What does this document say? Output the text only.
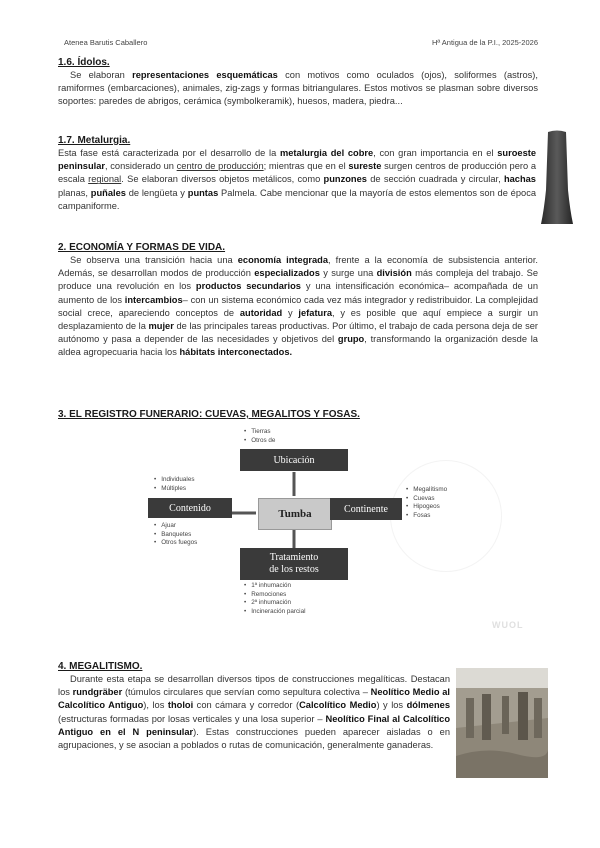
Atenea Barutis Caballero	Hª Antigua de la P.I., 2025-2026
1.6. Ídolos.

Se elaboran representaciones esquemáticas con motivos como oculados (ojos), soliformes (astros), ramiformes (embarcaciones), animales, zig-zags y formas bitriangulares. Estos motivos se plasman sobre diversos soportes: paredes de abrigos, cerámica (symbolkeramik), huesos, madera, piedra...

1.7. Metalurgia.

Esta fase está caracterizada por el desarrollo de la metalurgia del cobre, con gran importancia en el suroeste peninsular, considerado un centro de producción; mientras que en el sureste surgen centros de producción pero a escala regional. Se elaboran diversos objetos metálicos, como punzones de sección cuadrada y circular, hachas planas, puñales de lengüeta y puntas Palmela. Cabe mencionar que la mayoría de estos elementos son de época campaniforme.

2. ECONOMÍA Y FORMAS DE VIDA.

Se observa una transición hacia una economía integrada, frente a la economía de subsistencia anterior. Además, se desarrollan modos de producción especializados y surge una división más compleja del trabajo. Se produce una revolución en los productos secundarios y una intensificación económica– acompañada de un aumento de los intercambios– con un sistema económico cada vez más integrador y redistribuidor. La complejidad social crece, apareciendo conceptos de autoridad y jefatura, y es posible que aquí empiece a surgir un desplazamiento de la mujer de las principales tareas productivas. Por último, el trabajo de cada persona deja de ser autónomo y pasa a depender de las necesidades y objetivos del grupo, transformando la organización desde la aldea agropecuaria hacia los hábitats interconectados.

3. EL REGISTRO FUNERARIO: CUEVAS, MEGALITOS Y FOSAS.
4. MEGALITISMO.

Durante esta etapa se desarrollan diversos tipos de construcciones megalíticas. Destacan los rundgräber (túmulos circulares que servían como sepultura colectiva – Neolítico Medio al Calcolítico Antiguo), los tholoi con cámara y corredor (Calcolítico Medio) y los dólmenes (estructuras formadas por losas verticales y una losa superior – Neolítico Final al Calcolítico Antiguo en el N peninsular). Estas construcciones pueden aparecer aisladas o en agrupaciones, y se asocian a poblados o rutas de comunicación, generalmente ganaderas.

WUOL
• Tierras
• Otros de
Ubicación
• Individuales
• Múltiples
Contenido
• Ajuar
• Banquetes
• Otros fuegos
Tumba	Continente
• Megalítismo
• Cuevas
• Hipogeos
• Fosas
Tratamiento
de los restos
• 1ª inhumación
• Remociones
• 2ª inhumación
• Incineración parcial
